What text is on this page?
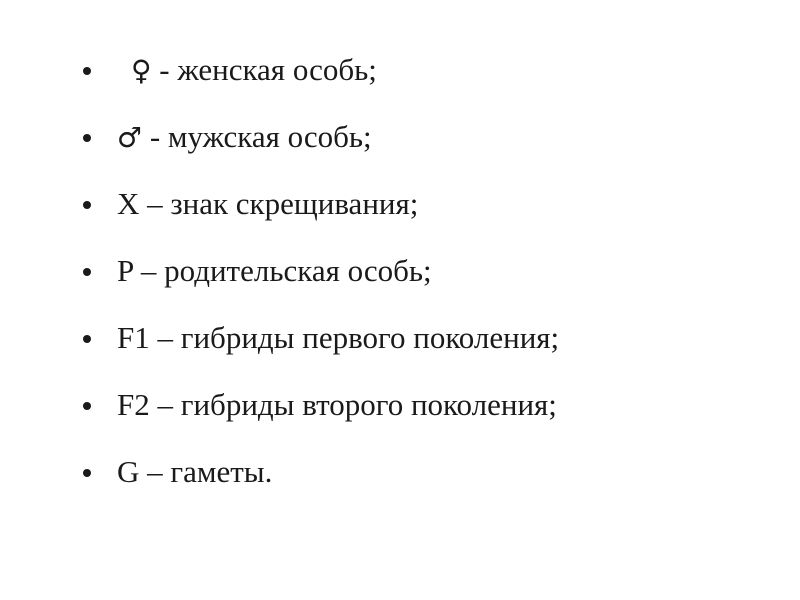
♀ - женская особь;
♂ - мужская особь;
X – знак скрещивания;
P – родительская особь;
F1 – гибриды первого поколения;
F2 – гибриды второго поколения;
G – гаметы.
